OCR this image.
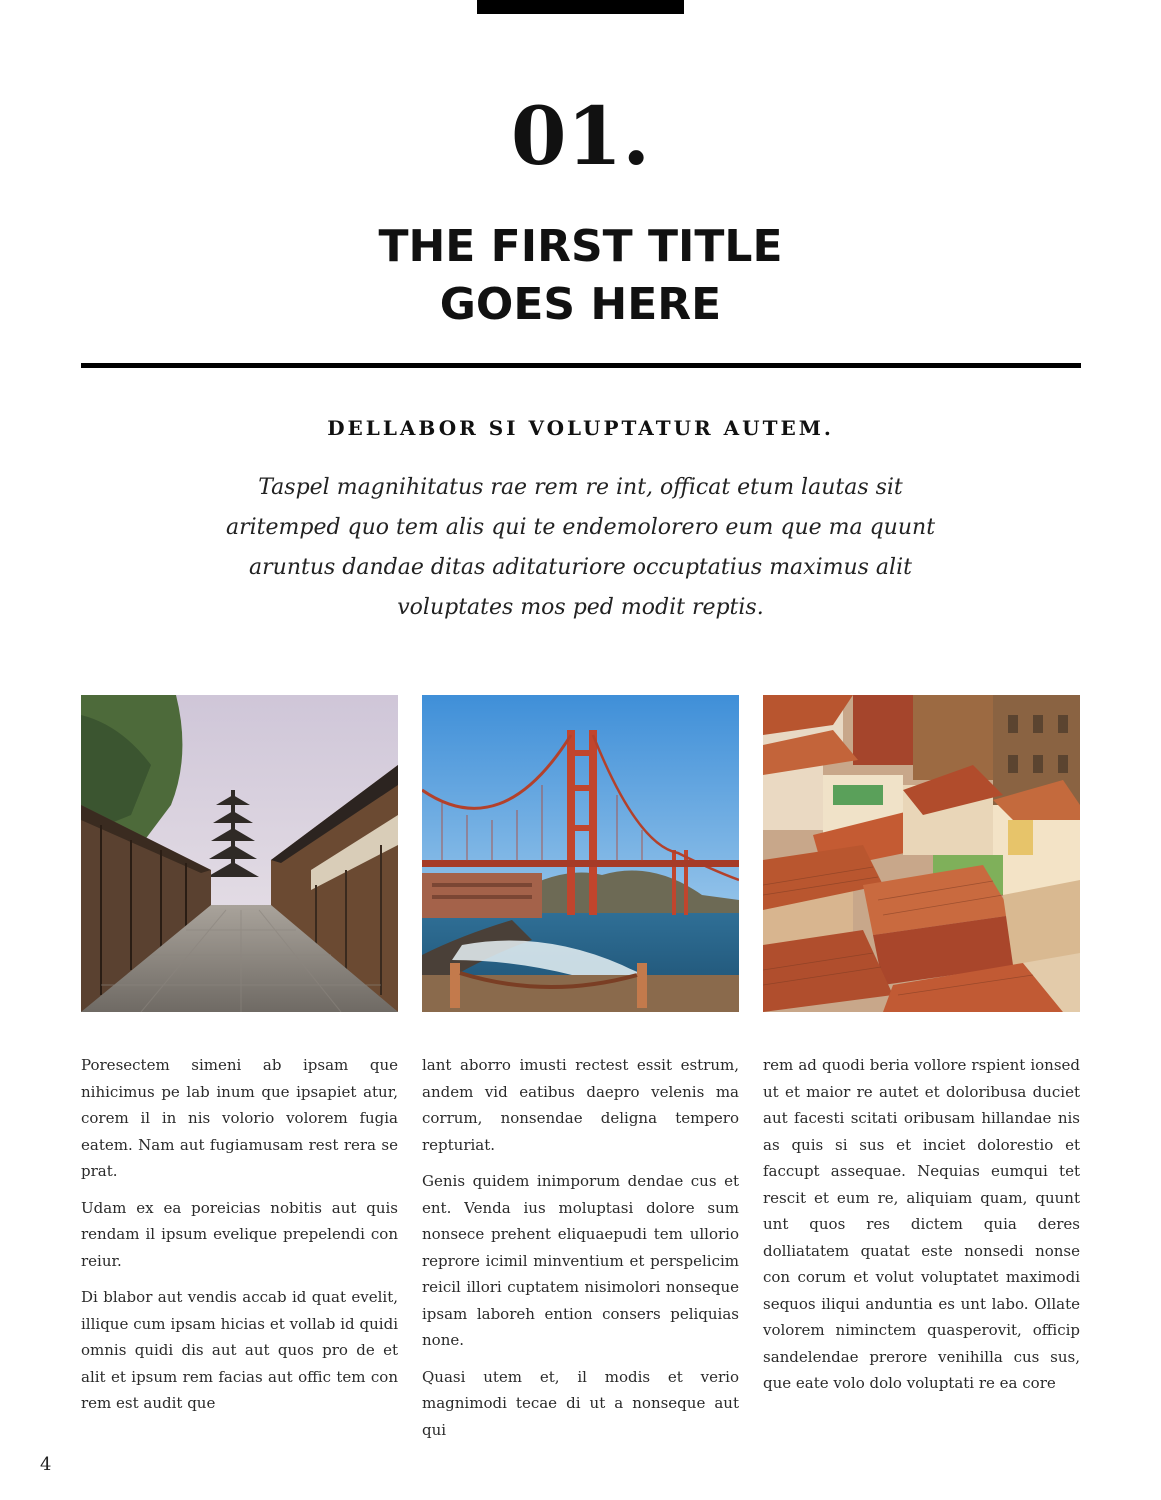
01.
THE FIRST TITLE
GOES HERE
DELLABOR SI VOLUPTATUR AUTEM.
Taspel magnihitatus rae rem re int, officat etum lautas sit aritemped quo tem alis qui te endemolorero eum que ma quunt aruntus dandae ditas aditaturiore occuptatius maximus alit voluptates mos ped modit reptis.

Poresectem simeni ab ipsam que nihicimus pe lab inum que ipsapiet atur, corem il in nis volorio volorem fugia eatem. Nam aut fugiamusam rest rera se prat.

Udam ex ea poreicias nobitis aut quis rendam il ipsum evelique prepelendi con reiur.

Di blabor aut vendis accab id quat evelit, illique cum ipsam hicias et vollab id quidi omnis quidi dis aut aut quos pro de et alit et ipsum rem facias aut offic tem con rem est audit que

lant aborro imusti rectest essit estrum, andem vid eatibus daepro velenis ma corrum, nonsendae deligna tempero repturiat.

Genis quidem inimporum dendae cus et ent. Venda ius moluptasi dolore sum nonsece prehent eliquaepudi tem ullorio reprore icimil minventium et perspelicim reicil illori cuptatem nisimolori nonseque ipsam laboreh ention consers peliquias none.

Quasi utem et, il modis et verio magnimodi tecae di ut a nonseque aut qui

rem ad quodi beria vollore rspient ionsed ut et maior re autet et doloribusa duciet aut facesti scitati oribusam hillandae nis as quis si sus et inciet dolorestio et faccupt assequae. Nequias eumqui tet rescit et eum re, aliquiam quam, quunt unt quos res dictem quia deres dolliatatem quatat este nonsedi nonse con corum et volut voluptatet maximodi sequos iliqui anduntia es unt labo. Ollate volorem niminctem quasperovit, officip sandelendae prerore venihilla cus sus, que eate volo dolo voluptati re ea core

4
